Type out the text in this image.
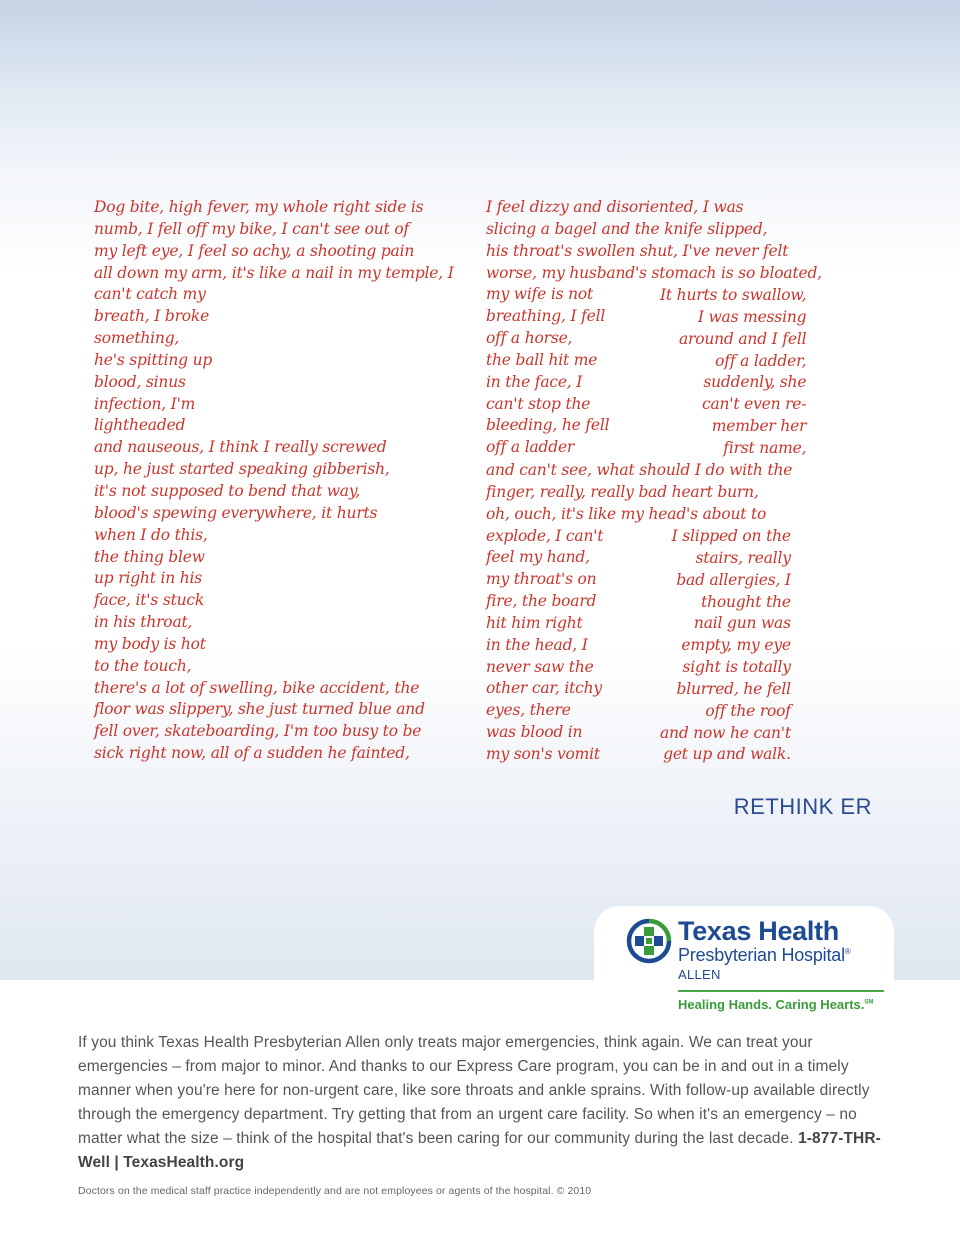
Dog bite, high fever, my whole right side is
numb, I fell off my bike, I can't see out of
my left eye, I feel so achy, a shooting pain
all down my arm, it's like a nail in my temple, I
can't catch my
breath, I broke
something,
he's spitting up
blood, sinus
infection, I'm
lightheaded
and nauseous, I think I really screwed
up, he just started speaking gibberish,
it's not supposed to bend that way,
blood's spewing everywhere, it hurts
when I do this,
the thing blew
up right in his
face, it's stuck
in his throat,
my body is hot
to the touch,
there's a lot of swelling, bike accident, the
floor was slippery, she just turned blue and
fell over, skateboarding, I'm too busy to be
sick right now, all of a sudden he fainted,

I feel dizzy and disoriented, I was
slicing a bagel and the knife slipped,
his throat's swollen shut, I've never felt
worse, my husband's stomach is so bloated,
my wife is not
breathing, I fell
off a horse,
the ball hit me
in the face, I
can't stop the
bleeding, he fell
off a ladder

It hurts to swallow,
I was messing
around and I fell
off a ladder,
suddenly, she
can't even re-
member her
first name,

and can't see, what should I do with the
finger, really, really bad heart burn,
oh, ouch, it's like my head's about to
explode, I can't
feel my hand,
my throat's on
fire, the board
hit him right
in the head, I
never saw the
other car, itchy
eyes, there
was blood in
my son's vomit

I slipped on the
stairs, really
bad allergies, I
thought the
nail gun was
empty, my eye
sight is totally
blurred, he fell
off the roof
and now he can't
get up and walk.

RETHINK ER
Texas Health
Presbyterian Hospital®
ALLEN
Healing Hands. Caring Hearts.℠

If you think Texas Health Presbyterian Allen only treats major emergencies, think again. We can treat your emergencies – from major to minor. And thanks to our Express Care program, you can be in and out in a timely manner when you're here for non-urgent care, like sore throats and ankle sprains. With follow-up available directly through the emergency department. Try getting that from an urgent care facility. So when it's an emergency – no matter what the size – think of the hospital that's been caring for our community during the last decade. 1-877-THR-Well | TexasHealth.org

Doctors on the medical staff practice independently and are not employees or agents of the hospital. © 2010
